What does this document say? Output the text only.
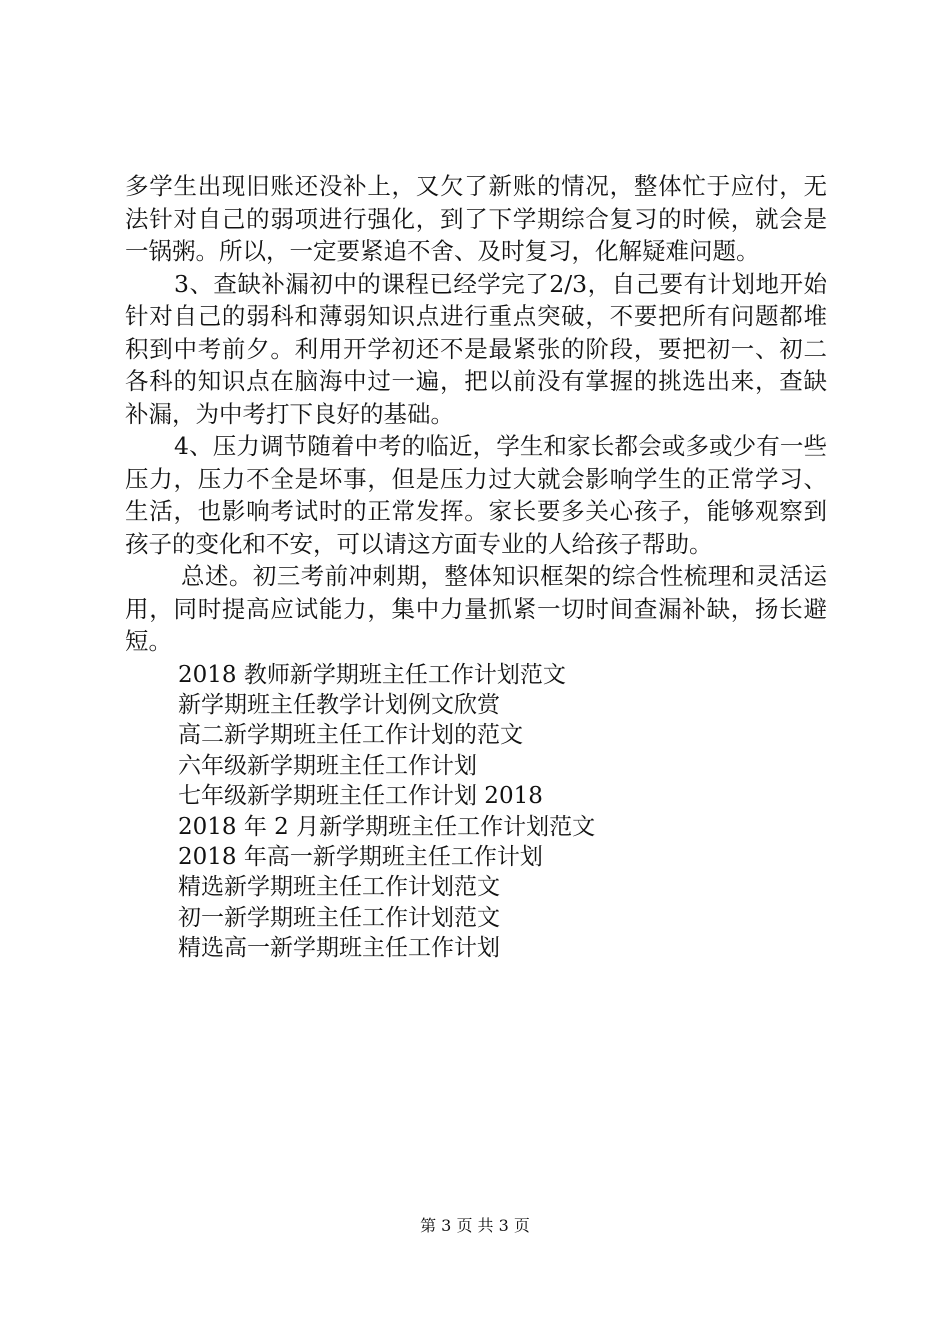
多学生出现旧账还没补上，又欠了新账的情况，整体忙于应付，无法针对自己的弱项进行强化，到了下学期综合复习的时候，就会是一锅粥。所以，一定要紧追不舍、及时复习，化解疑难问题。

3、查缺补漏初中的课程已经学完了2/3，自己要有计划地开始针对自己的弱科和薄弱知识点进行重点突破，不要把所有问题都堆积到中考前夕。利用开学初还不是最紧张的阶段，要把初一、初二各科的知识点在脑海中过一遍，把以前没有掌握的挑选出来，查缺补漏，为中考打下良好的基础。

4、压力调节随着中考的临近，学生和家长都会或多或少有一些压力，压力不全是坏事，但是压力过大就会影响学生的正常学习、生活，也影响考试时的正常发挥。家长要多关心孩子，能够观察到孩子的变化和不安，可以请这方面专业的人给孩子帮助。

总述。初三考前冲刺期，整体知识框架的综合性梳理和灵活运用，同时提高应试能力，集中力量抓紧一切时间查漏补缺，扬长避短。

2018 教师新学期班主任工作计划范文
新学期班主任教学计划例文欣赏
高二新学期班主任工作计划的范文
六年级新学期班主任工作计划
七年级新学期班主任工作计划 2018
2018 年 2 月新学期班主任工作计划范文
2018 年高一新学期班主任工作计划
精选新学期班主任工作计划范文
初一新学期班主任工作计划范文
精选高一新学期班主任工作计划
第 3 页 共 3 页
